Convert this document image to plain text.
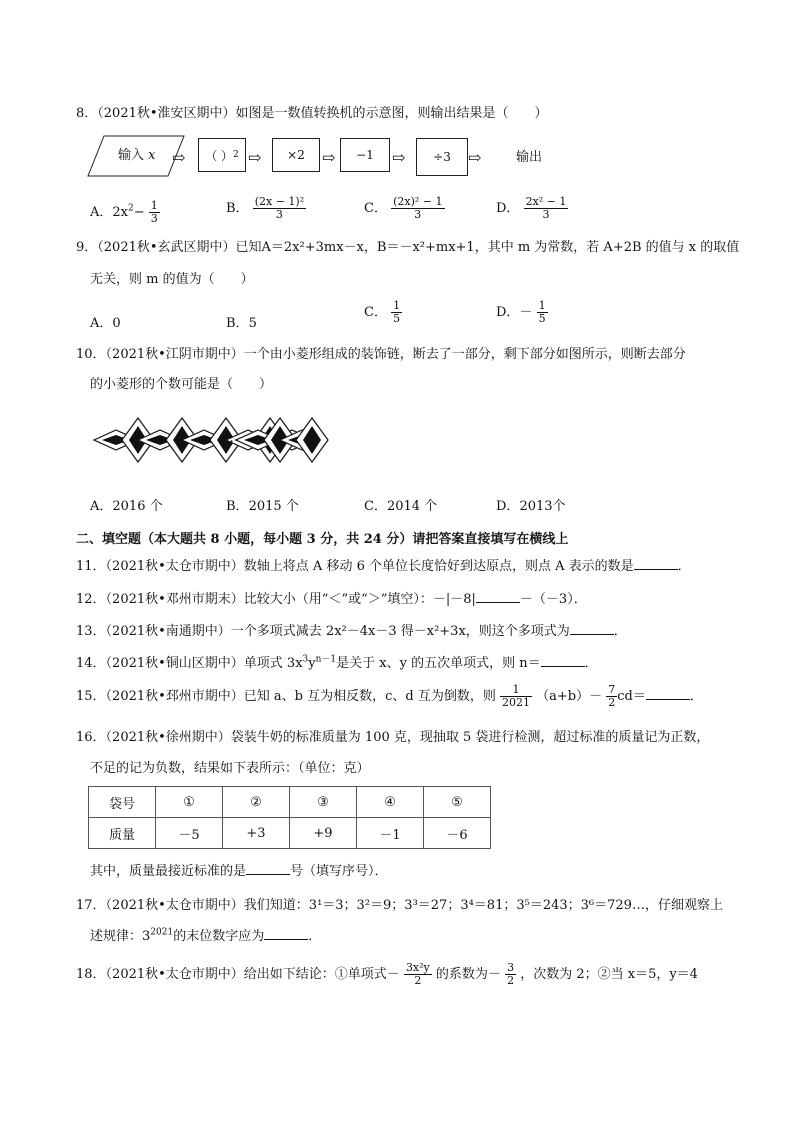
8．（2021秋•淮安区期中）如图是一数值转换机的示意图，则输出结果是（　　）
输入 x ⇨ （ ） 2 ⇨	×2	⇨	−1	⇨	÷3	⇨	输出
A．$2x^2- \frac{1}{3}$	B． $\frac{\text{(2x − 1)²}}{3}$	C． $\frac{\text{(2x)² − 1}}{3}$	D． $\frac{\text{2x² − 1}}{3}$
9．（2021秋•玄武区期中）已知A＝2x²+3mx－x，B＝－x²+mx+1，其中 m 为常数，若 A+2B 的值与 x 的取值
无关，则 m 的值为（　　）
A．0	B．5
C． $\frac{1}{5}$	D．－ $\frac{1}{5}$
10．（2021秋•江阴市期中）一个由小菱形组成的装饰链，断去了一部分，剩下部分如图所示，则断去部分
的小菱形的个数可能是（　　）
…
A．2016 个	B．2015 个	C．2014 个	D．2013个
二、填空题（本大题共 8 小题，每小题 3 分，共 24 分）请把答案直接填写在横线上
11．（2021秋•太仓市期中）数轴上将点 A 移动 6 个单位长度恰好到达原点，则点 A 表示的数是	．
12．（2021秋•邓州市期末）比较大小（用“＜”或“＞”填空）：－|－8|	－（－3）．
13．（2021秋•南通期中）一个多项式减去 2x²－4x－3 得－x²+3x，则这个多项式为	．
14．（2021秋•铜山区期中）单项式 $3x^3y^{n-1}$是关于 x、y 的五次单项式，则 n＝	．
15．（2021秋•邳州市期中）已知 a、b 互为相反数，c、d 互为倒数，则 $\frac{1}{2021} (a+b)- \frac{7}{2} cd=$	．
16．（2021秋•徐州期中）袋装牛奶的标准质量为 100 克，现抽取 5 袋进行检测，超过标准的质量记为正数，
不足的记为负数，结果如下表所示：（单位：克）
袋号	①	②	③	④	⑤
质量	－5	+3	+9	－1	－6
其中，质量最接近标准的是	号（填写序号）．
17．（2021秋•太仓市期中）我们知道：3¹＝3；3²＝9；3³＝27；3⁴＝81；3⁵＝243；3⁶＝729…，仔细观察上
述规律：$3^{2021}$的末位数字应为	．
18．（2021秋•太仓市期中）给出如下结论：①单项式－ $\frac{\text{3x²y}}{2}$ 的系数为－ $\frac{3}{2}$ ，次数为 2；②当 x＝5，y＝4
